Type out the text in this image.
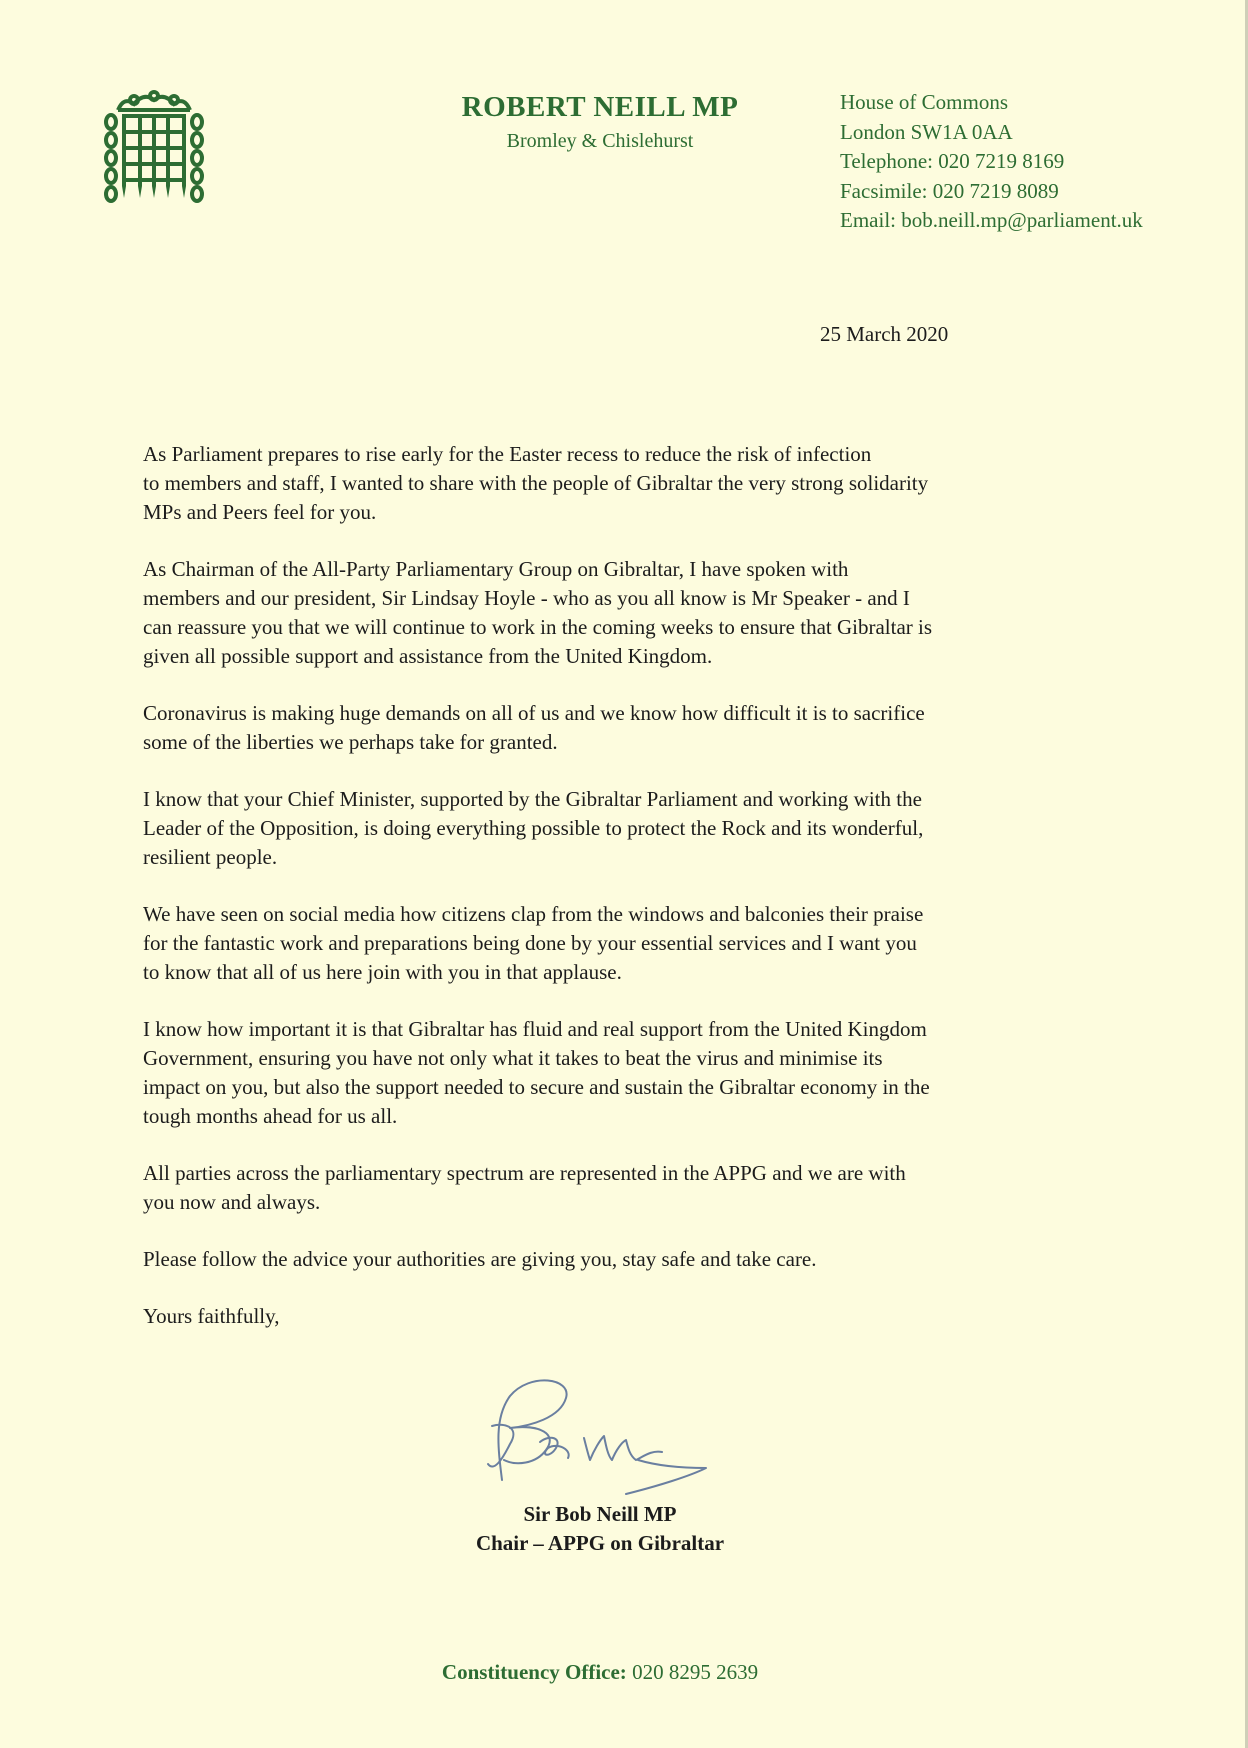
ROBERT NEILL MP
Bromley & Chislehurst
House of Commons
London SW1A 0AA
Telephone: 020 7219 8169
Facsimile: 020 7219 8089
Email: bob.neill.mp@parliament.uk
25 March 2020

As Parliament prepares to rise early for the Easter recess to reduce the risk of infection
to members and staff, I wanted to share with the people of Gibraltar the very strong solidarity
MPs and Peers feel for you.

As Chairman of the All-Party Parliamentary Group on Gibraltar, I have spoken with
members and our president, Sir Lindsay Hoyle - who as you all know is Mr Speaker - and I
can reassure you that we will continue to work in the coming weeks to ensure that Gibraltar is
given all possible support and assistance from the United Kingdom.

Coronavirus is making huge demands on all of us and we know how difficult it is to sacrifice
some of the liberties we perhaps take for granted.

I know that your Chief Minister, supported by the Gibraltar Parliament and working with the
Leader of the Opposition, is doing everything possible to protect the Rock and its wonderful,
resilient people.

We have seen on social media how citizens clap from the windows and balconies their praise
for the fantastic work and preparations being done by your essential services and I want you
to know that all of us here join with you in that applause.

I know how important it is that Gibraltar has fluid and real support from the United Kingdom
Government, ensuring you have not only what it takes to beat the virus and minimise its
impact on you, but also the support needed to secure and sustain the Gibraltar economy in the
tough months ahead for us all.

All parties across the parliamentary spectrum are represented in the APPG and we are with
you now and always.

Please follow the advice your authorities are giving you, stay safe and take care.

Yours faithfully,

Sir Bob Neill MP
Chair – APPG on Gibraltar
Constituency Office: 020 8295 2639
